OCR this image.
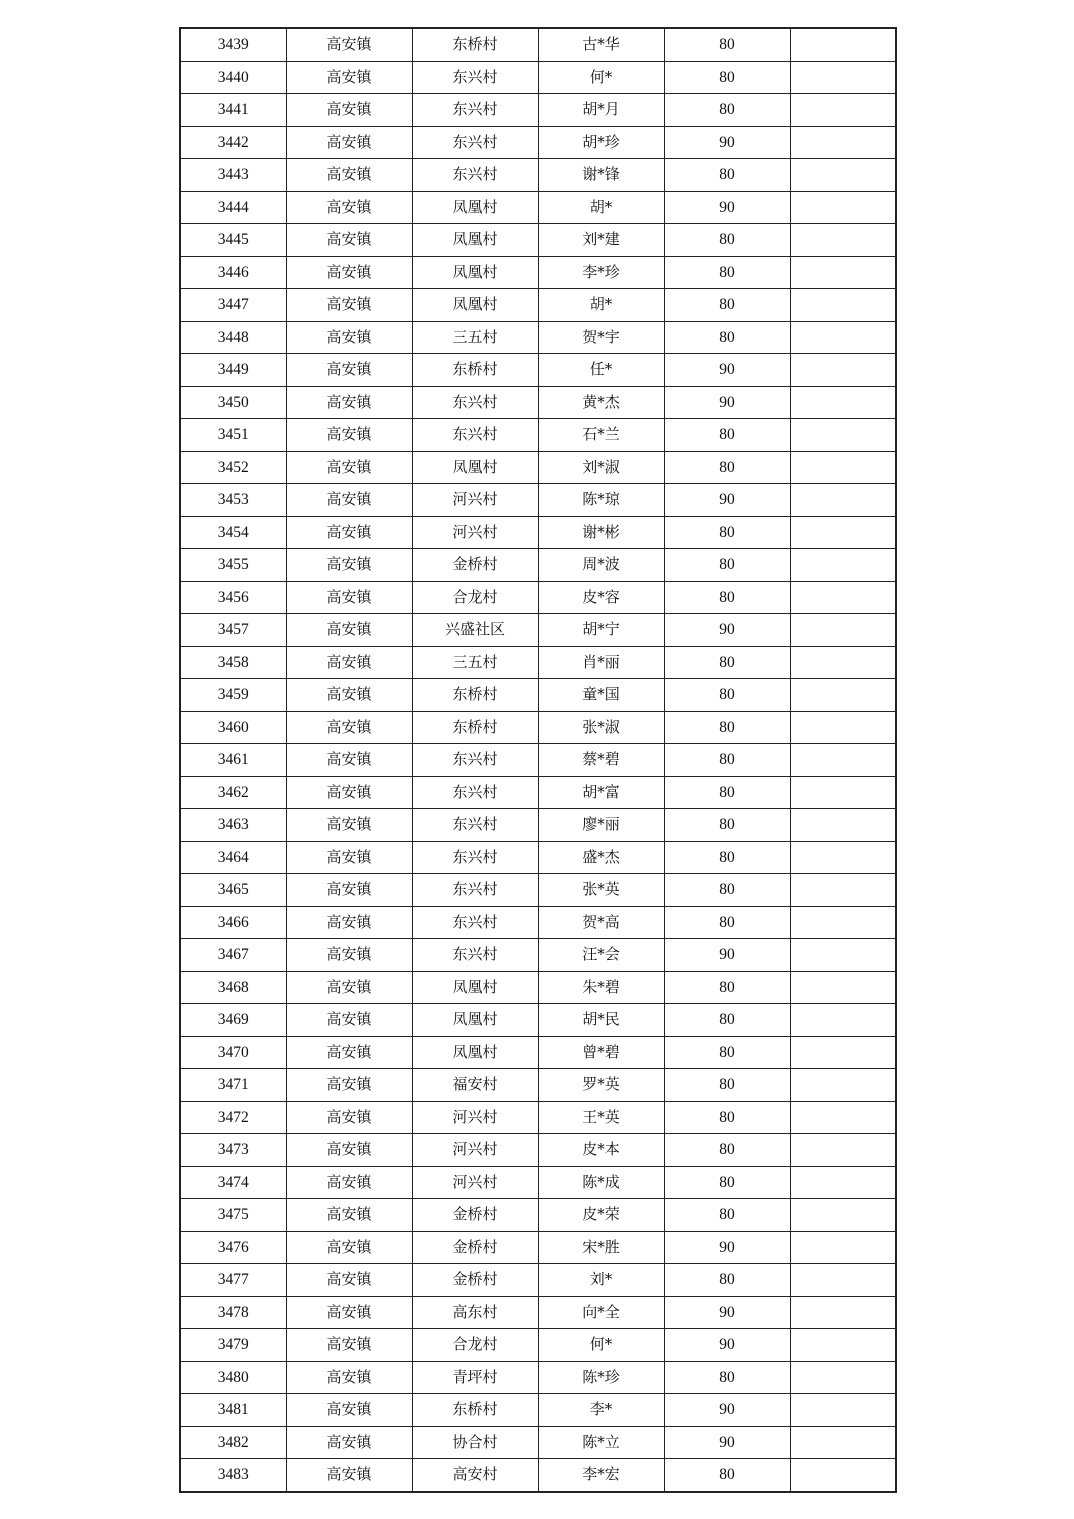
3439	高安镇	东桥村	古*华	80	
3440	高安镇	东兴村	何*	80	
3441	高安镇	东兴村	胡*月	80	
3442	高安镇	东兴村	胡*珍	90	
3443	高安镇	东兴村	谢*锋	80	
3444	高安镇	凤凰村	胡*	90	
3445	高安镇	凤凰村	刘*建	80	
3446	高安镇	凤凰村	李*珍	80	
3447	高安镇	凤凰村	胡*	80	
3448	高安镇	三五村	贺*宇	80	
3449	高安镇	东桥村	任*	90	
3450	高安镇	东兴村	黄*杰	90	
3451	高安镇	东兴村	石*兰	80	
3452	高安镇	凤凰村	刘*淑	80	
3453	高安镇	河兴村	陈*琼	90	
3454	高安镇	河兴村	谢*彬	80	
3455	高安镇	金桥村	周*波	80	
3456	高安镇	合龙村	皮*容	80	
3457	高安镇	兴盛社区	胡*宁	90	
3458	高安镇	三五村	肖*丽	80	
3459	高安镇	东桥村	童*国	80	
3460	高安镇	东桥村	张*淑	80	
3461	高安镇	东兴村	蔡*碧	80	
3462	高安镇	东兴村	胡*富	80	
3463	高安镇	东兴村	廖*丽	80	
3464	高安镇	东兴村	盛*杰	80	
3465	高安镇	东兴村	张*英	80	
3466	高安镇	东兴村	贺*高	80	
3467	高安镇	东兴村	汪*会	90	
3468	高安镇	凤凰村	朱*碧	80	
3469	高安镇	凤凰村	胡*民	80	
3470	高安镇	凤凰村	曾*碧	80	
3471	高安镇	福安村	罗*英	80	
3472	高安镇	河兴村	王*英	80	
3473	高安镇	河兴村	皮*本	80	
3474	高安镇	河兴村	陈*成	80	
3475	高安镇	金桥村	皮*荣	80	
3476	高安镇	金桥村	宋*胜	90	
3477	高安镇	金桥村	刘*	80	
3478	高安镇	高东村	向*全	90	
3479	高安镇	合龙村	何*	90	
3480	高安镇	青坪村	陈*珍	80	
3481	高安镇	东桥村	李*	90	
3482	高安镇	协合村	陈*立	90	
3483	高安镇	高安村	李*宏	80	
